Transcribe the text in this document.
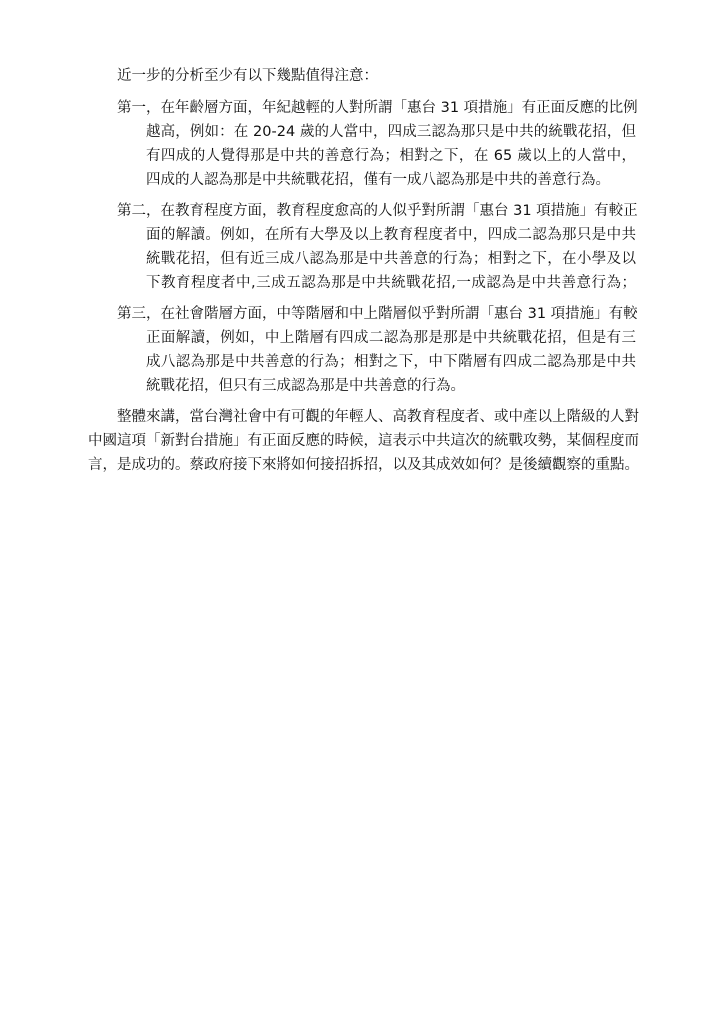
近一步的分析至少有以下幾點值得注意：
第一，在年齡層方面，年紀越輕的人對所謂「惠台 31 項措施」有正面反應的比例
越高，例如：在 20-24 歲的人當中，四成三認為那只是中共的統戰花招，但
有四成的人覺得那是中共的善意行為；相對之下，在 65 歲以上的人當中，
四成的人認為那是中共統戰花招，僅有一成八認為那是中共的善意行為。
第二，在教育程度方面，教育程度愈高的人似乎對所謂「惠台 31 項措施」有較正
面的解讀。例如，在所有大學及以上教育程度者中，四成二認為那只是中共
統戰花招，但有近三成八認為那是中共善意的行為；相對之下，在小學及以
下教育程度者中,三成五認為那是中共統戰花招,一成認為是中共善意行為；
第三，在社會階層方面，中等階層和中上階層似乎對所謂「惠台 31 項措施」有較
正面解讀，例如，中上階層有四成二認為那是那是中共統戰花招，但是有三
成八認為那是中共善意的行為；相對之下，中下階層有四成二認為那是中共
統戰花招，但只有三成認為那是中共善意的行為。
整體來講，當台灣社會中有可觀的年輕人、高教育程度者、或中產以上階級的人對
中國這項「新對台措施」有正面反應的時候，這表示中共這次的統戰攻勢，某個程度而
言，是成功的。蔡政府接下來將如何接招拆招，以及其成效如何？是後續觀察的重點。
